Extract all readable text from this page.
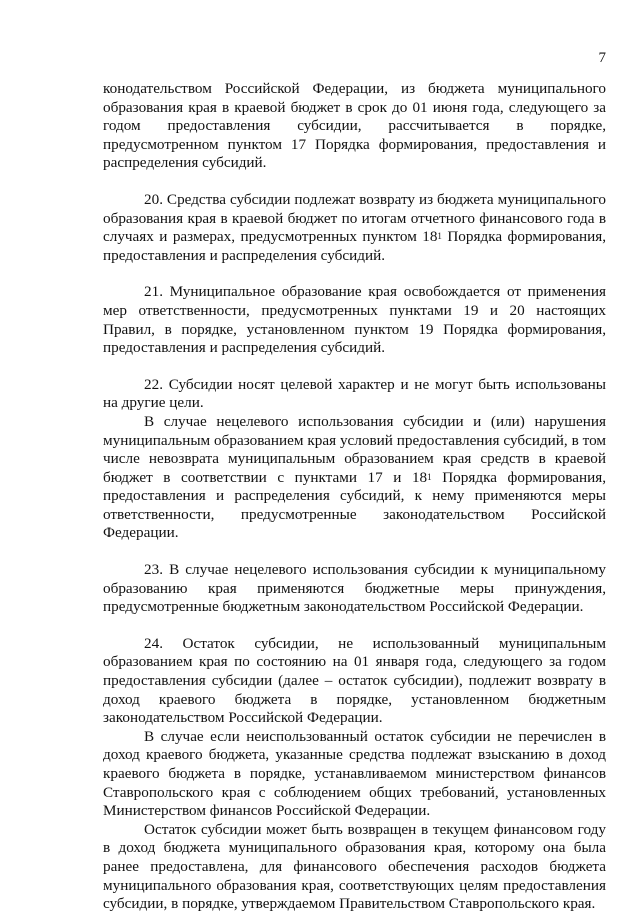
7

конодательством Российской Федерации, из бюджета муниципального образования края в краевой бюджет в срок до 01 июня года, следующего за годом предоставления субсидии, рассчитывается в порядке, предусмотренном пунктом 17 Порядка формирования, предоставления и распределения субсидий.

20. Средства субсидии подлежат возврату из бюджета муниципального образования края в краевой бюджет по итогам отчетного финансового года в случаях и размерах, предусмотренных пунктом $18^1$ Порядка формирования, предоставления и распределения субсидий.

21. Муниципальное образование края освобождается от применения мер ответственности, предусмотренных пунктами 19 и 20 настоящих Правил, в порядке, установленном пунктом 19 Порядка формирования, предоставления и распределения субсидий.

22. Субсидии носят целевой характер и не могут быть использованы на другие цели.

В случае нецелевого использования субсидии и (или) нарушения муниципальным образованием края условий предоставления субсидий, в том числе невозврата муниципальным образованием края средств в краевой бюджет в соответствии с пунктами 17 и $18^1$ Порядка формирования, предоставления и распределения субсидий, к нему применяются меры ответственности, предусмотренные законодательством Российской Федерации.

23. В случае нецелевого использования субсидии к муниципальному образованию края применяются бюджетные меры принуждения, предусмотренные бюджетным законодательством Российской Федерации.

24. Остаток субсидии, не использованный муниципальным образованием края по состоянию на 01 января года, следующего за годом предоставления субсидии (далее – остаток субсидии), подлежит возврату в доход краевого бюджета в порядке, установленном бюджетным законодательством Российской Федерации.

В случае если неиспользованный остаток субсидии не перечислен в доход краевого бюджета, указанные средства подлежат взысканию в доход краевого бюджета в порядке, устанавливаемом министерством финансов Ставропольского края с соблюдением общих требований, установленных Министерством финансов Российской Федерации.

Остаток субсидии может быть возвращен в текущем финансовом году в доход бюджета муниципального образования края, которому она была ранее предоставлена, для финансового обеспечения расходов бюджета муниципального образования края, соответствующих целям предоставления субсидии, в порядке, утверждаемом Правительством Ставропольского края.
